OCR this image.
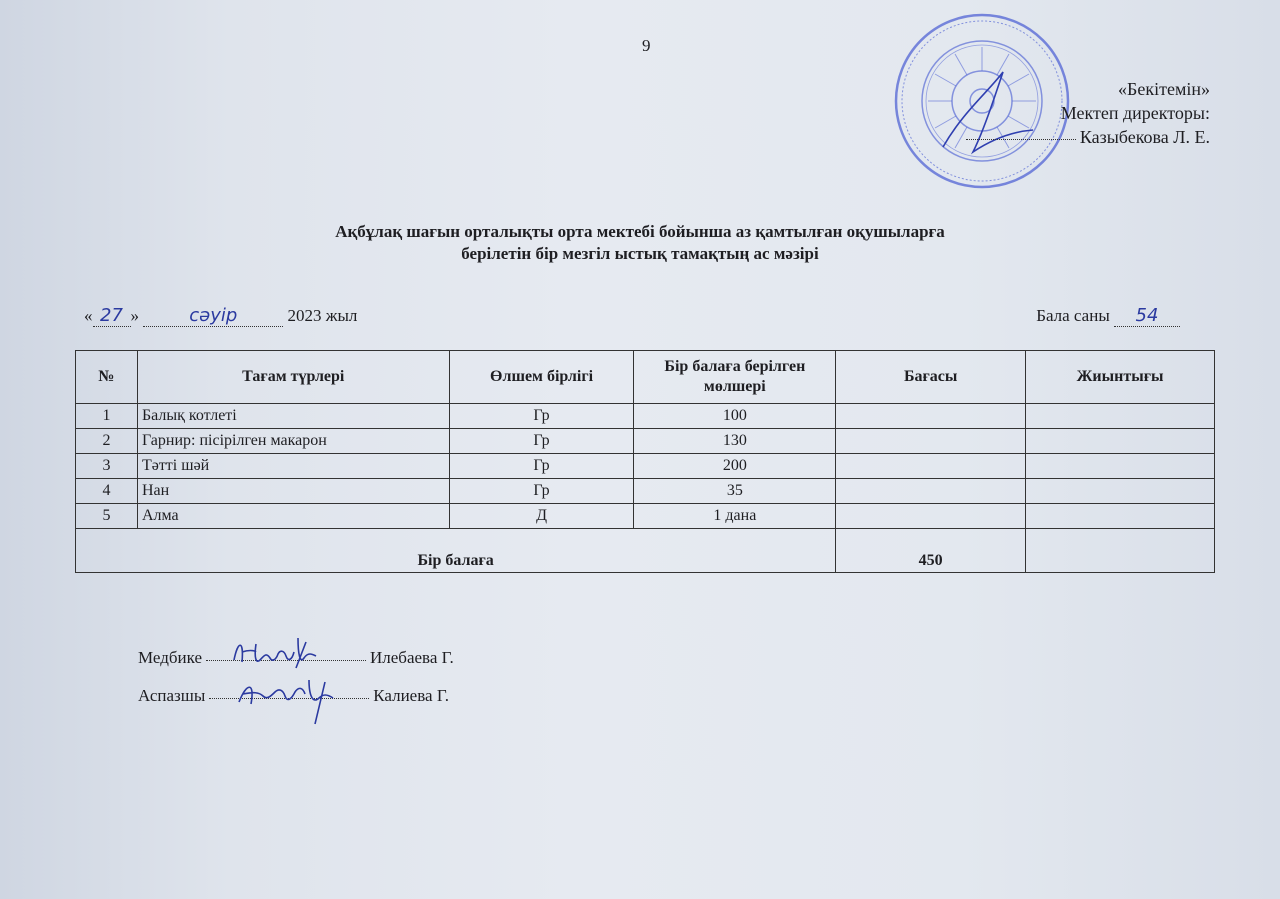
9
«Бекітемін»
Мектеп директоры:
Казыбекова Л. Е.
Ақбұлақ шағын орталықты орта мектебі бойынша аз қамтылған оқушыларға
берілетін бір мезгіл ыстық тамақтың ас мәзірі
« 27 »	сәуір	2023 жыл	Бала саны 54
№	Тағам түрлері	Өлшем бірлігі	Бір балаға берілген мөлшері	Бағасы	Жиынтығы
1	Балық котлеті	Гр	100		
2	Гарнир: пісірілген макарон	Гр	130		
3	Тәтті шәй	Гр	200		
4	Нан	Гр	35		
5	Алма	Д	1 дана		
Бір балаға				450	
Медбике	Илебаева Г.
Аспазшы	Калиева Г.
